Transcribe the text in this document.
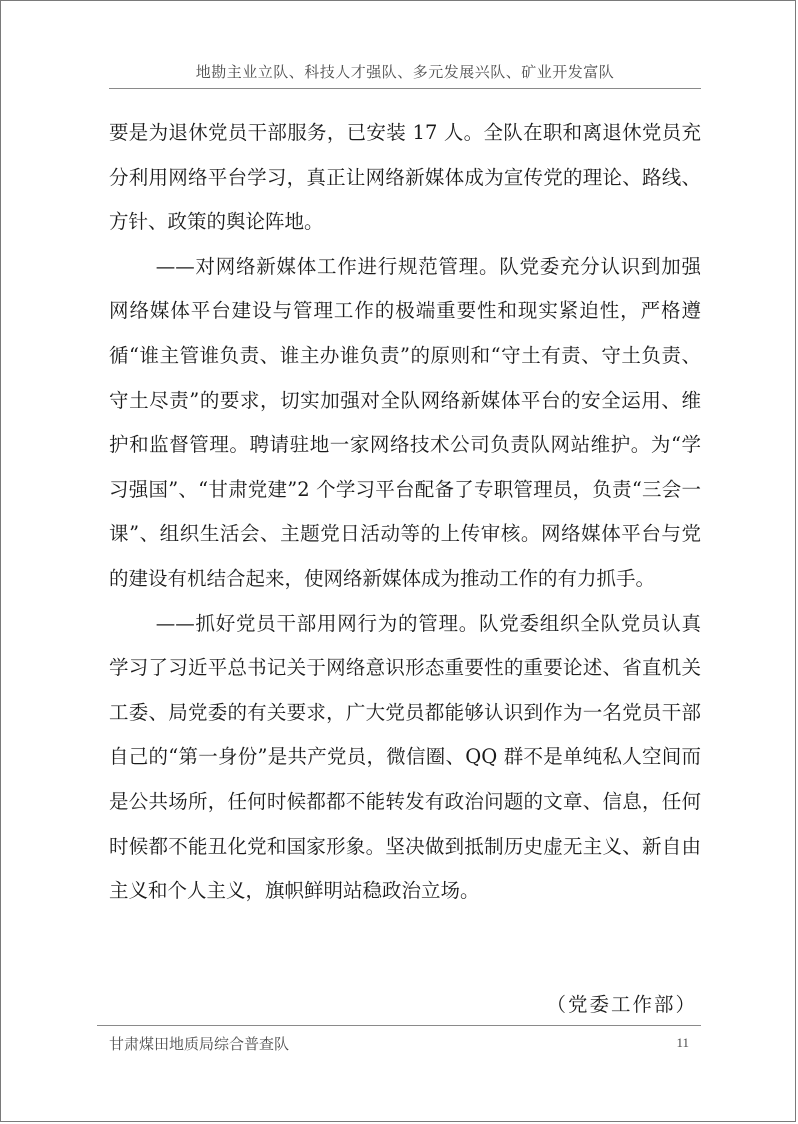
地勘主业立队、科技人才强队、多元发展兴队、矿业开发富队

要是为退休党员干部服务，已安装 17 人。全队在职和离退休党员充分利用网络平台学习，真正让网络新媒体成为宣传党的理论、路线、方针、政策的舆论阵地。

——对网络新媒体工作进行规范管理。队党委充分认识到加强网络媒体平台建设与管理工作的极端重要性和现实紧迫性，严格遵循“谁主管谁负责、谁主办谁负责”的原则和“守土有责、守土负责、守土尽责”的要求，切实加强对全队网络新媒体平台的安全运用、维护和监督管理。聘请驻地一家网络技术公司负责队网站维护。为“学习强国”、“甘肃党建”2 个学习平台配备了专职管理员，负责“三会一课”、组织生活会、主题党日活动等的上传审核。网络媒体平台与党的建设有机结合起来，使网络新媒体成为推动工作的有力抓手。

——抓好党员干部用网行为的管理。队党委组织全队党员认真学习了习近平总书记关于网络意识形态重要性的重要论述、省直机关工委、局党委的有关要求，广大党员都能够认识到作为一名党员干部自己的“第一身份”是共产党员，微信圈、QQ 群不是单纯私人空间而是公共场所，任何时候都都不能转发有政治问题的文章、信息，任何时候都不能丑化党和国家形象。坚决做到抵制历史虚无主义、新自由主义和个人主义，旗帜鲜明站稳政治立场。

（党委工作部）
甘肃煤田地质局综合普查队	11
